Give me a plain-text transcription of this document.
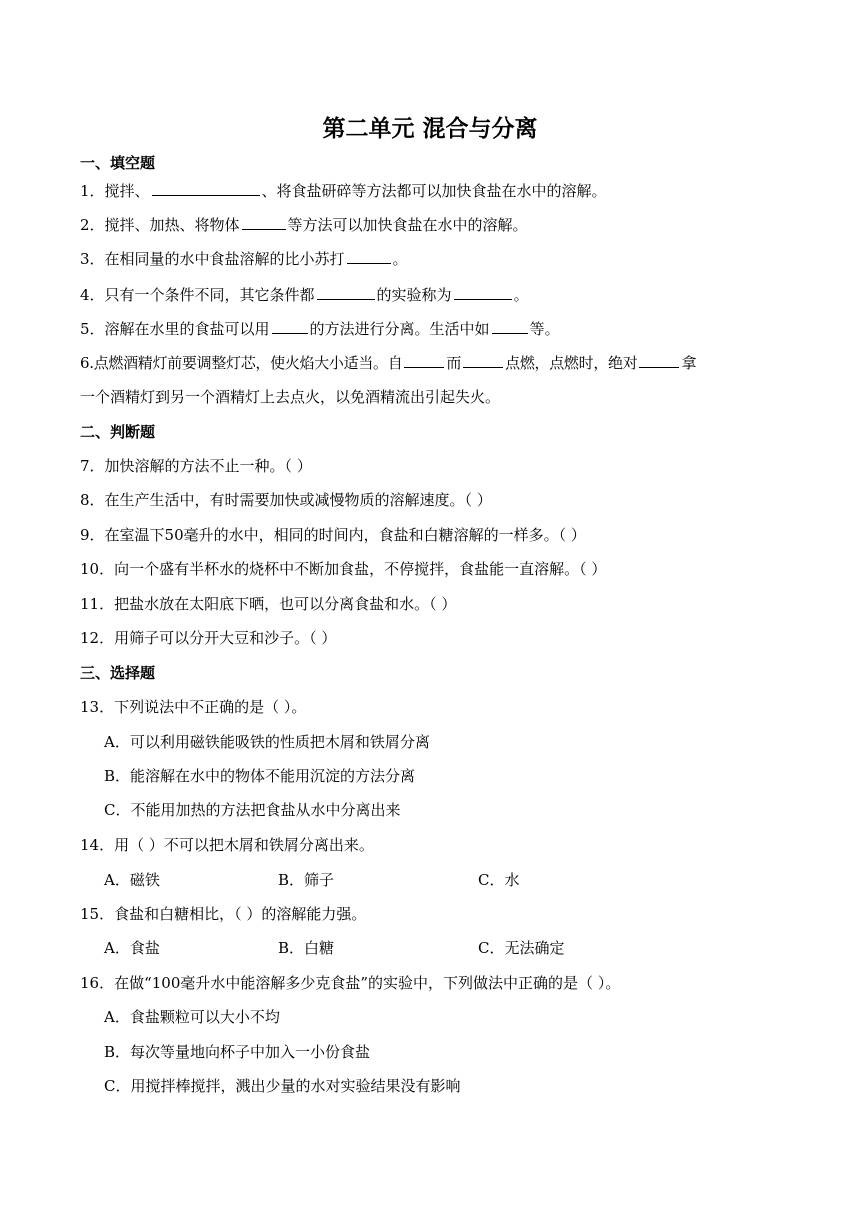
第二单元 混合与分离
一、填空题
1．搅拌、	、将食盐研碎等方法都可以加快食盐在水中的溶解。
2．搅拌、加热、将物体	等方法可以加快食盐在水中的溶解。
3．在相同量的水中食盐溶解的比小苏打	。
4．只有一个条件不同，其它条件都	的实验称为	。
5．溶解在水里的食盐可以用	的方法进行分离。生活中如	等。
6.点燃酒精灯前要调整灯芯，使火焰大小适当。自	而	点燃，点燃时，绝对	拿
一个酒精灯到另一个酒精灯上去点火，以免酒精流出引起失火。
二、判断题
7．加快溶解的方法不止一种。（ ）
8．在生产生活中，有时需要加快或减慢物质的溶解速度。（ ）
9．在室温下50毫升的水中，相同的时间内，食盐和白糖溶解的一样多。（ ）
10．向一个盛有半杯水的烧杯中不断加食盐，不停搅拌，食盐能一直溶解。（ ）
11．把盐水放在太阳底下晒，也可以分离食盐和水。（ ）
12．用筛子可以分开大豆和沙子。（ ）
三、选择题
13．下列说法中不正确的是（ ）。
A．可以利用磁铁能吸铁的性质把木屑和铁屑分离
B．能溶解在水中的物体不能用沉淀的方法分离
C．不能用加热的方法把食盐从水中分离出来
14．用（ ）不可以把木屑和铁屑分离出来。
A．磁铁	B．筛子	C．水
15．食盐和白糖相比，（ ）的溶解能力强。
A．食盐	B．白糖	C．无法确定
16．在做“100毫升水中能溶解多少克食盐”的实验中，下列做法中正确的是（ ）。
A．食盐颗粒可以大小不均
B．每次等量地向杯子中加入一小份食盐
C．用搅拌棒搅拌，溅出少量的水对实验结果没有影响
